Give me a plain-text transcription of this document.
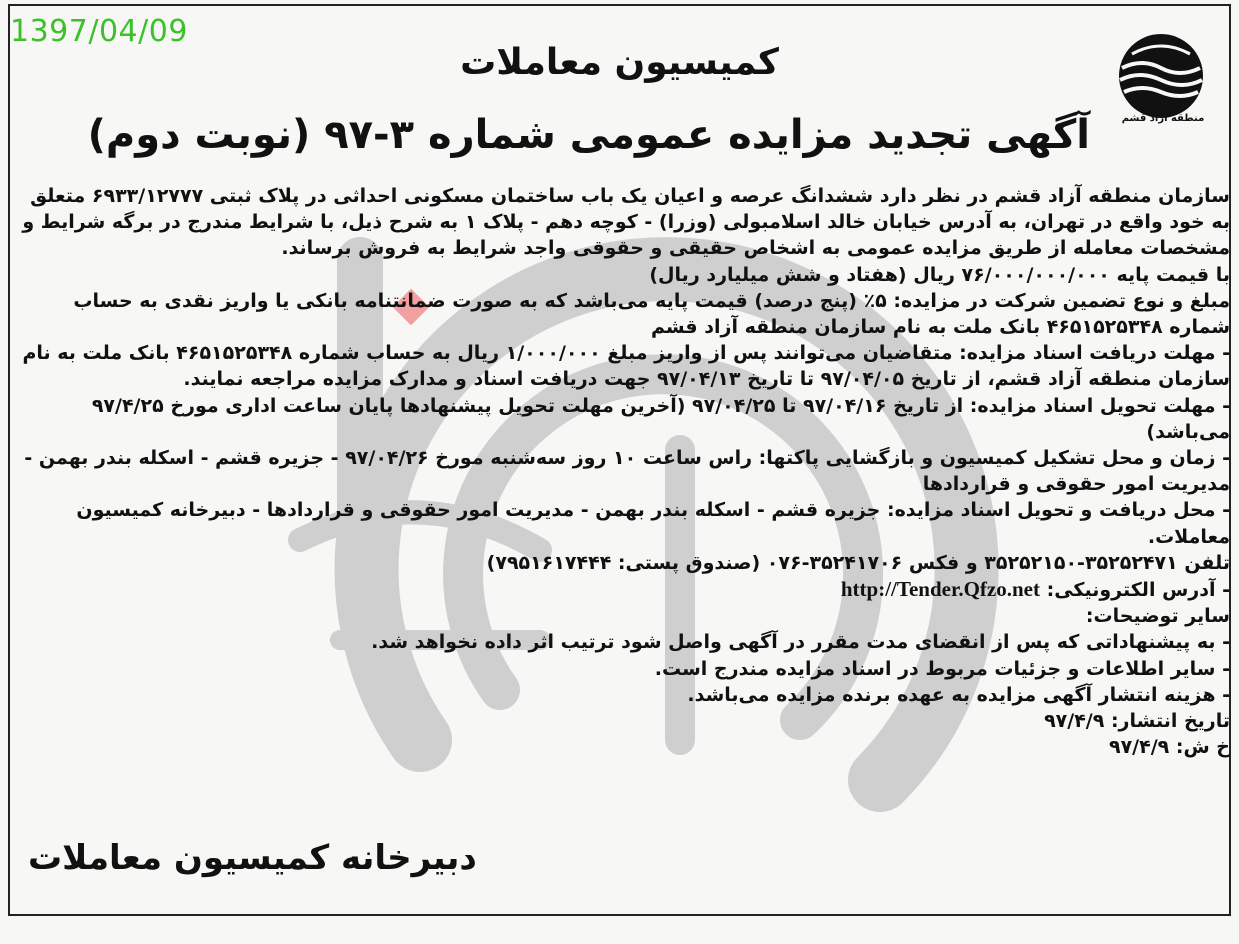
1397/04/09
منطقه آزاد قشم
کمیسیون معاملات
آگهی تجدید مزایده عمومی شماره ۳-۹۷ (نوبت دوم)

سازمان منطقه آزاد قشم در نظر دارد ششدانگ عرصه و اعیان یک باب ساختمان مسکونی احداثی در پلاک ثبتی ۶۹۳۳/۱۲۷۷۷ متعلق به خود واقع در تهران، به آدرس خیابان خالد اسلامبولی (وزرا) - کوچه دهم - پلاک ۱ به شرح ذیل، با شرایط مندرج در برگه شرایط و مشخصات معامله از طریق مزایده عمومی به اشخاص حقیقی و حقوقی واجد شرایط به فروش برساند.

با قیمت پایه ۷۶/۰۰۰/۰۰۰/۰۰۰ ریال (هفتاد و شش میلیارد ریال)

مبلغ و نوع تضمین شرکت در مزایده: ۵٪ (پنج درصد) قیمت پایه می‌باشد که به صورت ضمانتنامه بانکی یا واریز نقدی به حساب شماره ۴۶۵۱۵۲۵۳۴۸ بانک ملت به نام سازمان منطقه آزاد قشم

- مهلت دریافت اسناد مزایده: متقاضیان می‌توانند پس از واریز مبلغ ۱/۰۰۰/۰۰۰ ریال به حساب شماره ۴۶۵۱۵۲۵۳۴۸ بانک ملت به نام سازمان منطقه آزاد قشم، از تاریخ ۹۷/۰۴/۰۵ تا تاریخ ۹۷/۰۴/۱۳ جهت دریافت اسناد و مدارک مزایده مراجعه نمایند.

- مهلت تحویل اسناد مزایده: از تاریخ ۹۷/۰۴/۱۶ تا ۹۷/۰۴/۲۵ (آخرین مهلت تحویل پیشنهادها پایان ساعت اداری مورخ ۹۷/۴/۲۵ می‌باشد)

- زمان و محل تشکیل کمیسیون و بازگشایی پاکتها: راس ساعت ۱۰ روز سه‌شنبه مورخ ۹۷/۰۴/۲۶ - جزیره قشم - اسکله بندر بهمن - مدیریت امور حقوقی و قراردادها

- محل دریافت و تحویل اسناد مزایده: جزیره قشم - اسکله بندر بهمن - مدیریت امور حقوقی و قراردادها - دبیرخانه کمیسیون معاملات.

تلفن ۳۵۲۵۲۴۷۱-۳۵۲۵۲۱۵۰ و فکس ۳۵۲۴۱۷۰۶-۰۷۶ (صندوق پستی: ۷۹۵۱۶۱۷۴۴۴)

- آدرس الکترونیکی: http://Tender.Qfzo.net

سایر توضیحات:

- به پیشنهاداتی که پس از انقضای مدت مقرر در آگهی واصل شود ترتیب اثر داده نخواهد شد.

- سایر اطلاعات و جزئیات مربوط در اسناد مزایده مندرج است.

- هزینه انتشار آگهی مزایده به عهده برنده مزایده می‌باشد.

تاریخ انتشار: ۹۷/۴/۹

خ ش: ۹۷/۴/۹

دبیرخانه کمیسیون معاملات
